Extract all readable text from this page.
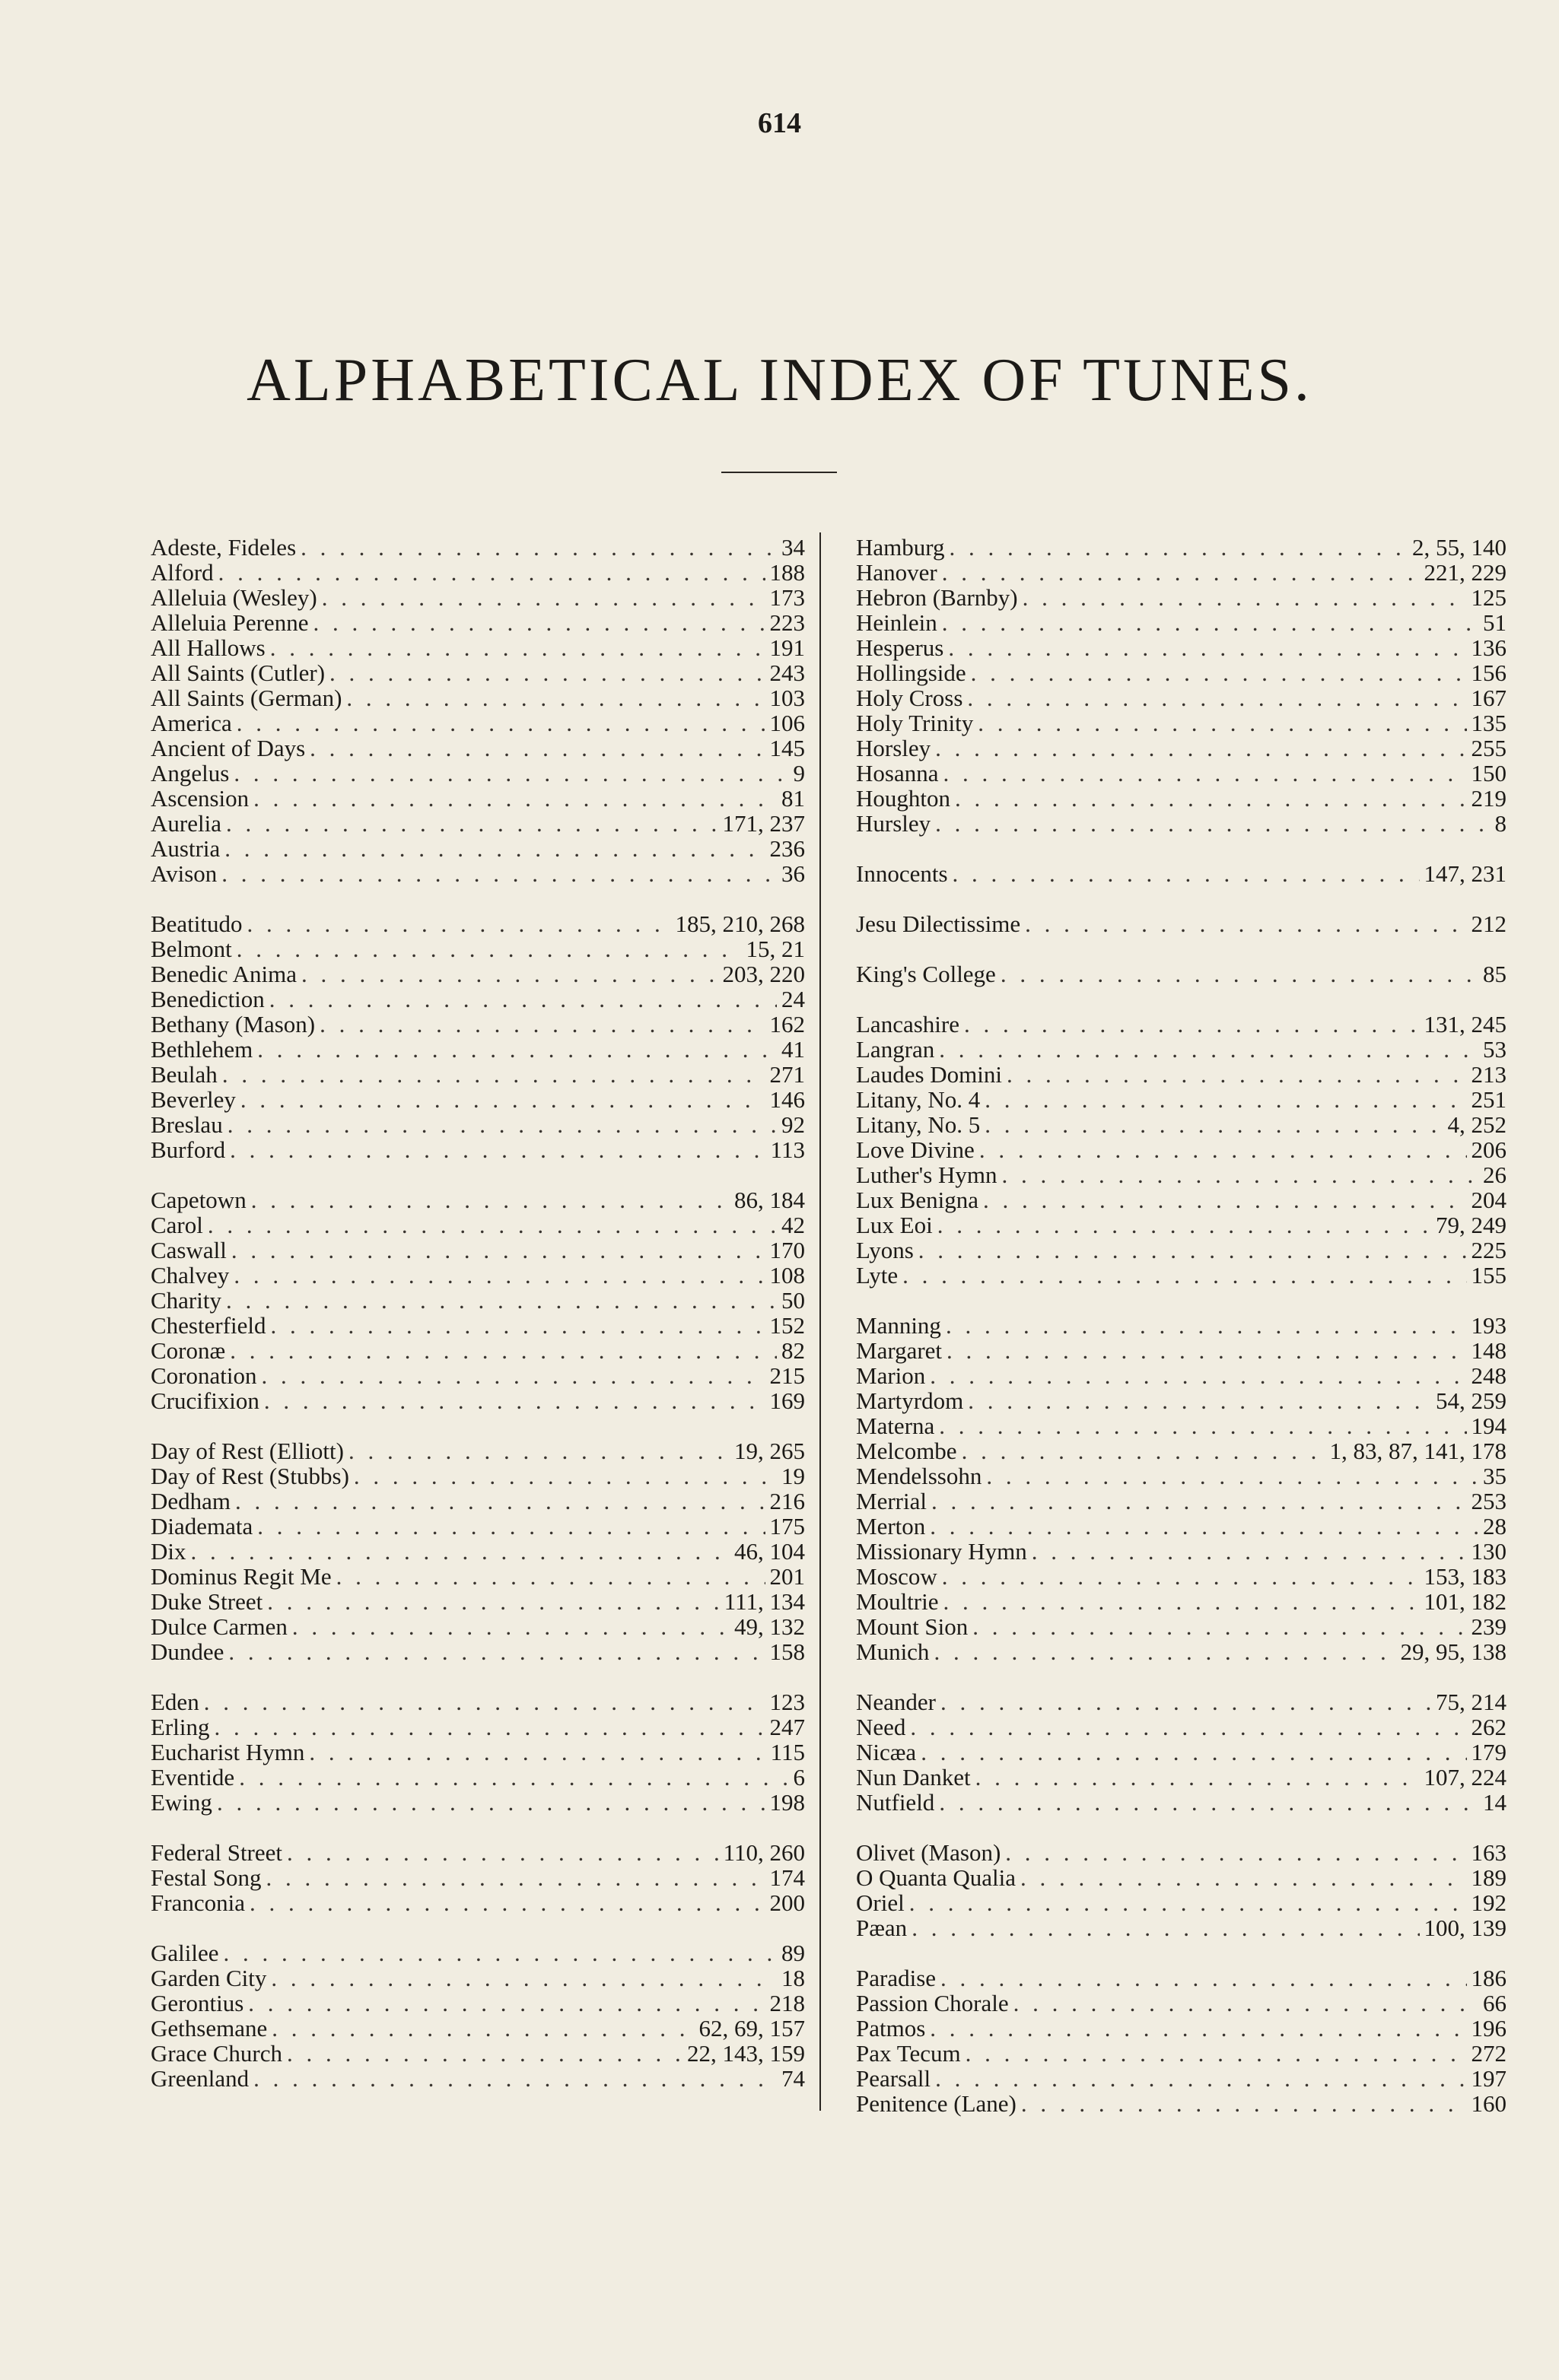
614
ALPHABETICAL INDEX OF TUNES.
Adeste, Fideles . . .	34
Alford . . .	188
Alleluia (Wesley) . . .	173
Alleluia Perenne . . .	223
All Hallows . . .	191
All Saints (Cutler) . . .	243
All Saints (German) . . .	103
America . . .	106
Ancient of Days . . .	145
Angelus . . .	9
Ascension . . .	81
Aurelia . . .	171, 237
Austria . . .	236
Avison . . .	36
Beatitudo . . .	185, 210, 268
Belmont . . .	15, 21
Benedic Anima . . .	203, 220
Benediction . . .	24
Bethany (Mason) . . .	162
Bethlehem . . .	41
Beulah . . .	271
Beverley . . .	146
Breslau . . .	92
Burford . . .	113
Capetown . . .	86, 184
Carol . . .	42
Caswall . . .	170
Chalvey . . .	108
Charity . . .	50
Chesterfield . . .	152
Coronæ . . .	82
Coronation . . .	215
Crucifixion . . .	169
Day of Rest (Elliott) . . .	19, 265
Day of Rest (Stubbs) . . .	19
Dedham . . .	216
Diademata . . .	175
Dix . . .	46, 104
Dominus Regit Me . . .	201
Duke Street . . .	111, 134
Dulce Carmen . . .	49, 132
Dundee . . .	158
Eden . . .	123
Erling . . .	247
Eucharist Hymn . . .	115
Eventide . . .	6
Ewing . . .	198
Federal Street . . .	110, 260
Festal Song . . .	174
Franconia . . .	200
Galilee . . .	89
Garden City . . .	18
Gerontius . . .	218
Gethsemane . . .	62, 69, 157
Grace Church . . .	22, 143, 159
Greenland . . .	74
Hamburg . . .	2, 55, 140
Hanover . . .	221, 229
Hebron (Barnby) . . .	125
Heinlein . . .	51
Hesperus . . .	136
Hollingside . . .	156
Holy Cross . . .	167
Holy Trinity . . .	135
Horsley . . .	255
Hosanna . . .	150
Houghton . . .	219
Hursley . . .	8
Innocents . . .	147, 231
Jesu Dilectissime . . .	212
King's College . . .	85
Lancashire . . .	131, 245
Langran . . .	53
Laudes Domini . . .	213
Litany, No. 4 . . .	251
Litany, No. 5 . . .	4, 252
Love Divine . . .	206
Luther's Hymn . . .	26
Lux Benigna . . .	204
Lux Eoi . . .	79, 249
Lyons . . .	225
Lyte . . .	155
Manning . . .	193
Margaret . . .	148
Marion . . .	248
Martyrdom . . .	54, 259
Materna . . .	194
Melcombe . . .	1, 83, 87, 141, 178
Mendelssohn . . .	35
Merrial . . .	253
Merton . . .	28
Missionary Hymn . . .	130
Moscow . . .	153, 183
Moultrie . . .	101, 182
Mount Sion . . .	239
Munich . . .	29, 95, 138
Neander . . .	75, 214
Need . . .	262
Nicæa . . .	179
Nun Danket . . .	107, 224
Nutfield . . .	14
Olivet (Mason) . . .	163
O Quanta Qualia . . .	189
Oriel . . .	192
Pæan . . .	100, 139
Paradise . . .	186
Passion Chorale . . .	66
Patmos . . .	196
Pax Tecum . . .	272
Pearsall . . .	197
Penitence (Lane) . . .	160
